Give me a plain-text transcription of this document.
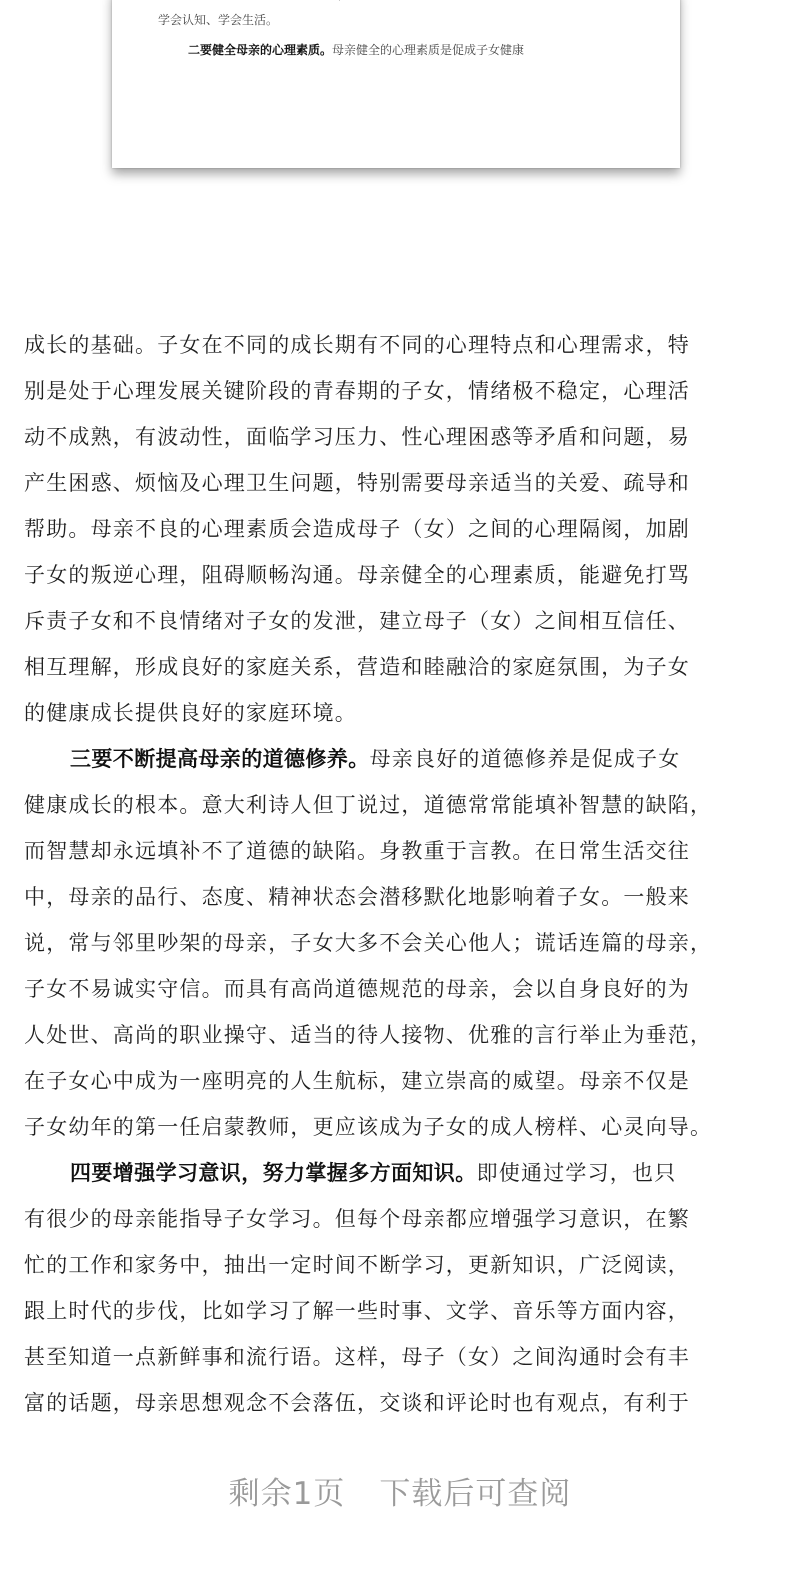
学会认知、学会生活。
二要健全母亲的心理素质。母亲健全的心理素质是促成子女健康
成长的基础。子女在不同的成长期有不同的心理特点和心理需求，特
别是处于心理发展关键阶段的青春期的子女，情绪极不稳定，心理活
动不成熟，有波动性，面临学习压力、性心理困惑等矛盾和问题，易
产生困惑、烦恼及心理卫生问题，特别需要母亲适当的关爱、疏导和
帮助。母亲不良的心理素质会造成母子（女）之间的心理隔阂，加剧
子女的叛逆心理，阻碍顺畅沟通。母亲健全的心理素质，能避免打骂
斥责子女和不良情绪对子女的发泄，建立母子（女）之间相互信任、
相互理解，形成良好的家庭关系，营造和睦融洽的家庭氛围，为子女
的健康成长提供良好的家庭环境。
三要不断提高母亲的道德修养。母亲良好的道德修养是促成子女
健康成长的根本。意大利诗人但丁说过，道德常常能填补智慧的缺陷，
而智慧却永远填补不了道德的缺陷。身教重于言教。在日常生活交往
中，母亲的品行、态度、精神状态会潜移默化地影响着子女。一般来
说，常与邻里吵架的母亲，子女大多不会关心他人；谎话连篇的母亲，
子女不易诚实守信。而具有高尚道德规范的母亲，会以自身良好的为
人处世、高尚的职业操守、适当的待人接物、优雅的言行举止为垂范，
在子女心中成为一座明亮的人生航标，建立崇高的威望。母亲不仅是
子女幼年的第一任启蒙教师，更应该成为子女的成人榜样、心灵向导。
四要增强学习意识，努力掌握多方面知识。即使通过学习，也只
有很少的母亲能指导子女学习。但每个母亲都应增强学习意识，在繁
忙的工作和家务中，抽出一定时间不断学习，更新知识，广泛阅读，
跟上时代的步伐，比如学习了解一些时事、文学、音乐等方面内容，
甚至知道一点新鲜事和流行语。这样，母子（女）之间沟通时会有丰
富的话题，母亲思想观念不会落伍，交谈和评论时也有观点，有利于
剩余1页 下载后可查阅
